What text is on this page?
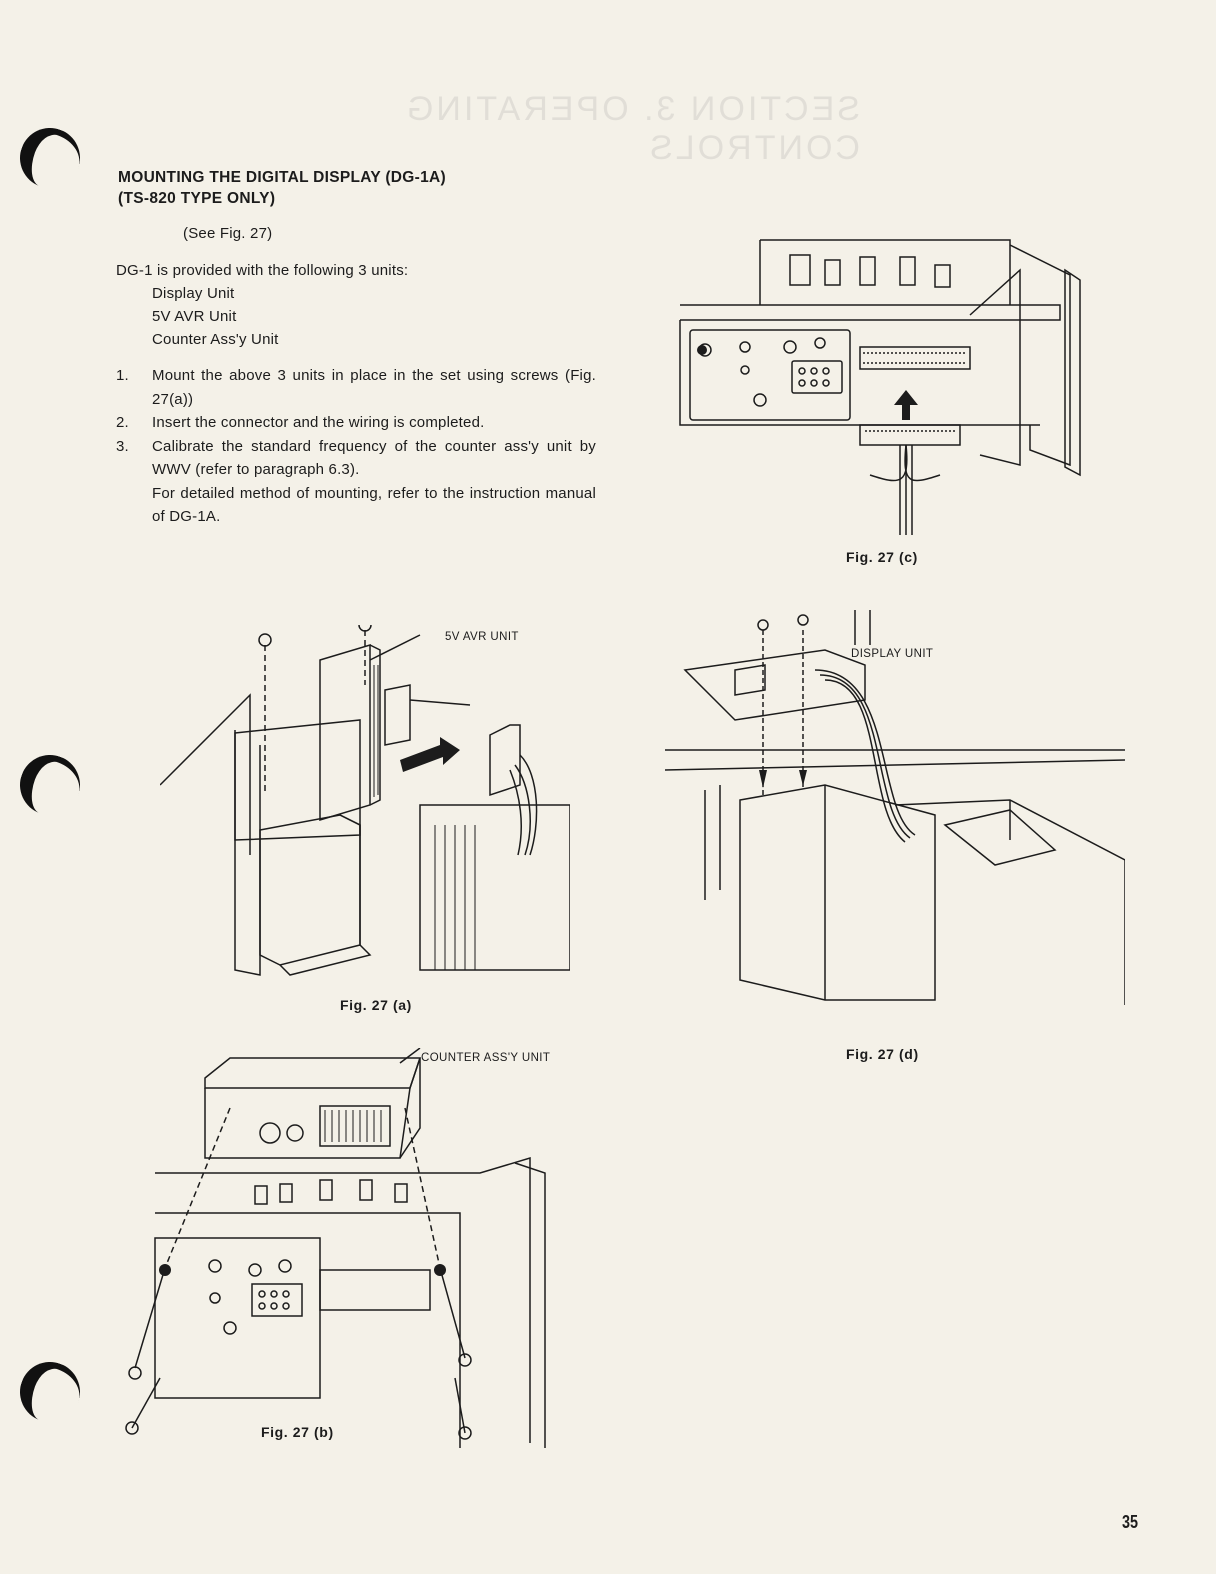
SECTION 3. OPERATING CONTROLS
MOUNTING THE DIGITAL DISPLAY (DG-1A)
(TS-820 TYPE ONLY)
(See Fig. 27)
DG-1 is provided with the following 3 units:
Display Unit
5V AVR Unit
Counter Ass'y Unit
1.	Mount the above 3 units in place in the set using screws (Fig. 27(a))
2.	Insert the connector and the wiring is completed.
3.	Calibrate the standard frequency of the counter ass'y unit by WWV (refer to paragraph 6.3).
For detailed method of mounting, refer to the instruction manual of DG-1A.
Fig. 27 (c)
5V AVR UNIT
Fig. 27 (a)
DISPLAY UNIT
Fig. 27 (d)
COUNTER ASS'Y UNIT
Fig. 27 (b)
35
